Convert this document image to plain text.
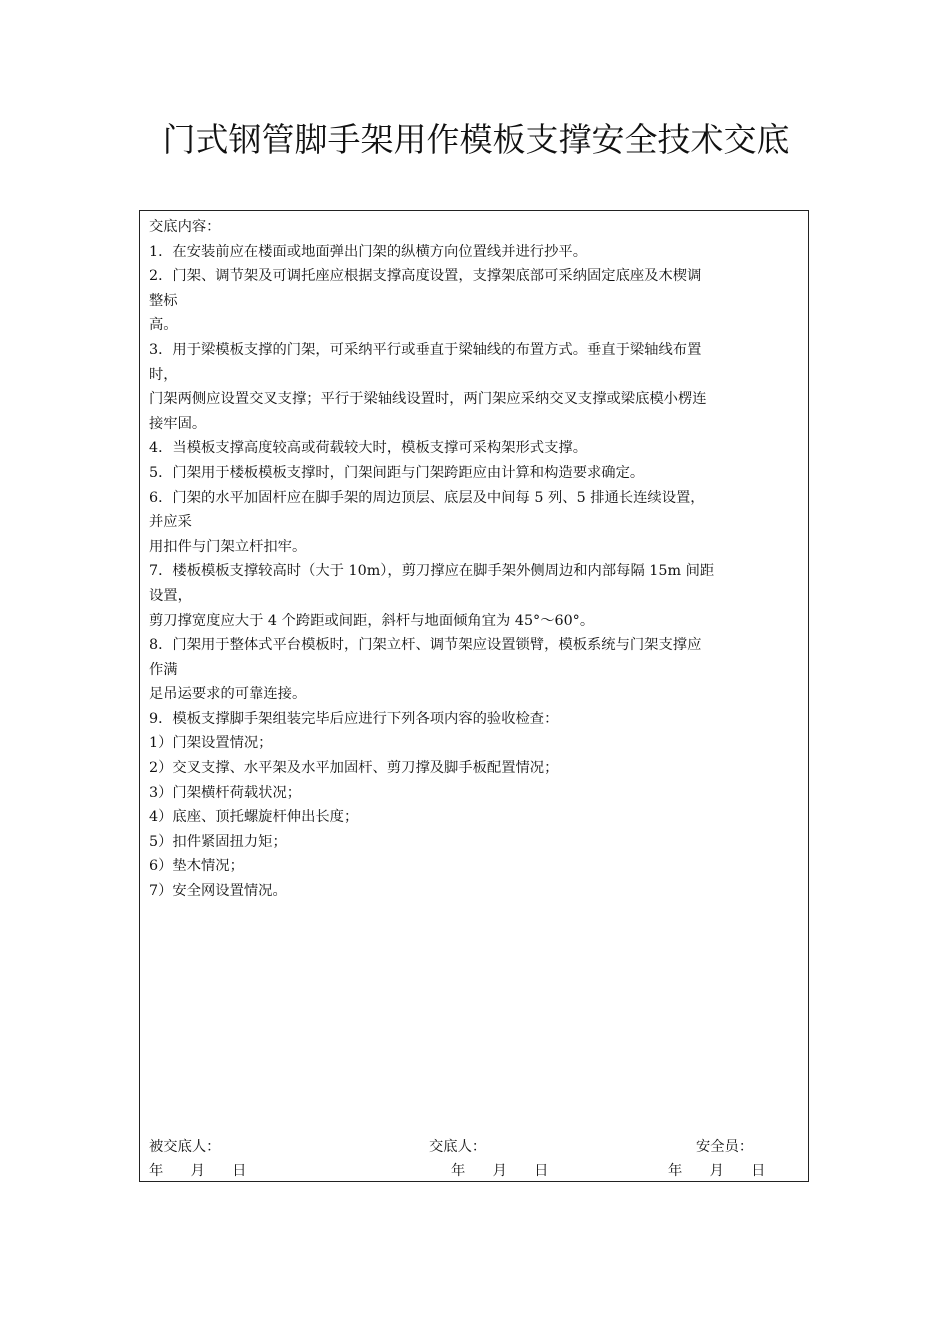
门式钢管脚手架用作模板支撑安全技术交底
交底内容：
1．在安装前应在楼面或地面弹出门架的纵横方向位置线并进行抄平。
2．门架、调节架及可调托座应根据支撑高度设置，支撑架底部可采纳固定底座及木楔调
整标
高。
3．用于梁模板支撑的门架，可采纳平行或垂直于梁轴线的布置方式。垂直于梁轴线布置
时，
门架两侧应设置交叉支撑；平行于梁轴线设置时，两门架应采纳交叉支撑或梁底模小楞连
接牢固。
4．当模板支撑高度较高或荷载较大时，模板支撑可采构架形式支撑。
5．门架用于楼板模板支撑时，门架间距与门架跨距应由计算和构造要求确定。
6．门架的水平加固杆应在脚手架的周边顶层、底层及中间每 5 列、5 排通长连续设置，
并应采
用扣件与门架立杆扣牢。
7．楼板模板支撑较高时（大于 10m），剪刀撑应在脚手架外侧周边和内部每隔 15m 间距
设置，
剪刀撑宽度应大于 4 个跨距或间距，斜杆与地面倾角宜为 45°～60°。
8．门架用于整体式平台模板时，门架立杆、调节架应设置锁臂，模板系统与门架支撑应
作满
足吊运要求的可靠连接。
9．模板支撑脚手架组装完毕后应进行下列各项内容的验收检查：
1）门架设置情况；
2）交叉支撑、水平架及水平加固杆、剪刀撑及脚手板配置情况；
3）门架横杆荷载状况；
4）底座、顶托螺旋杆伸出长度；
5）扣件紧固扭力矩；
6）垫木情况；
7）安全网设置情况。
被交底人：	交底人：	安全员：
年      月      日	年      月      日	年      月      日
